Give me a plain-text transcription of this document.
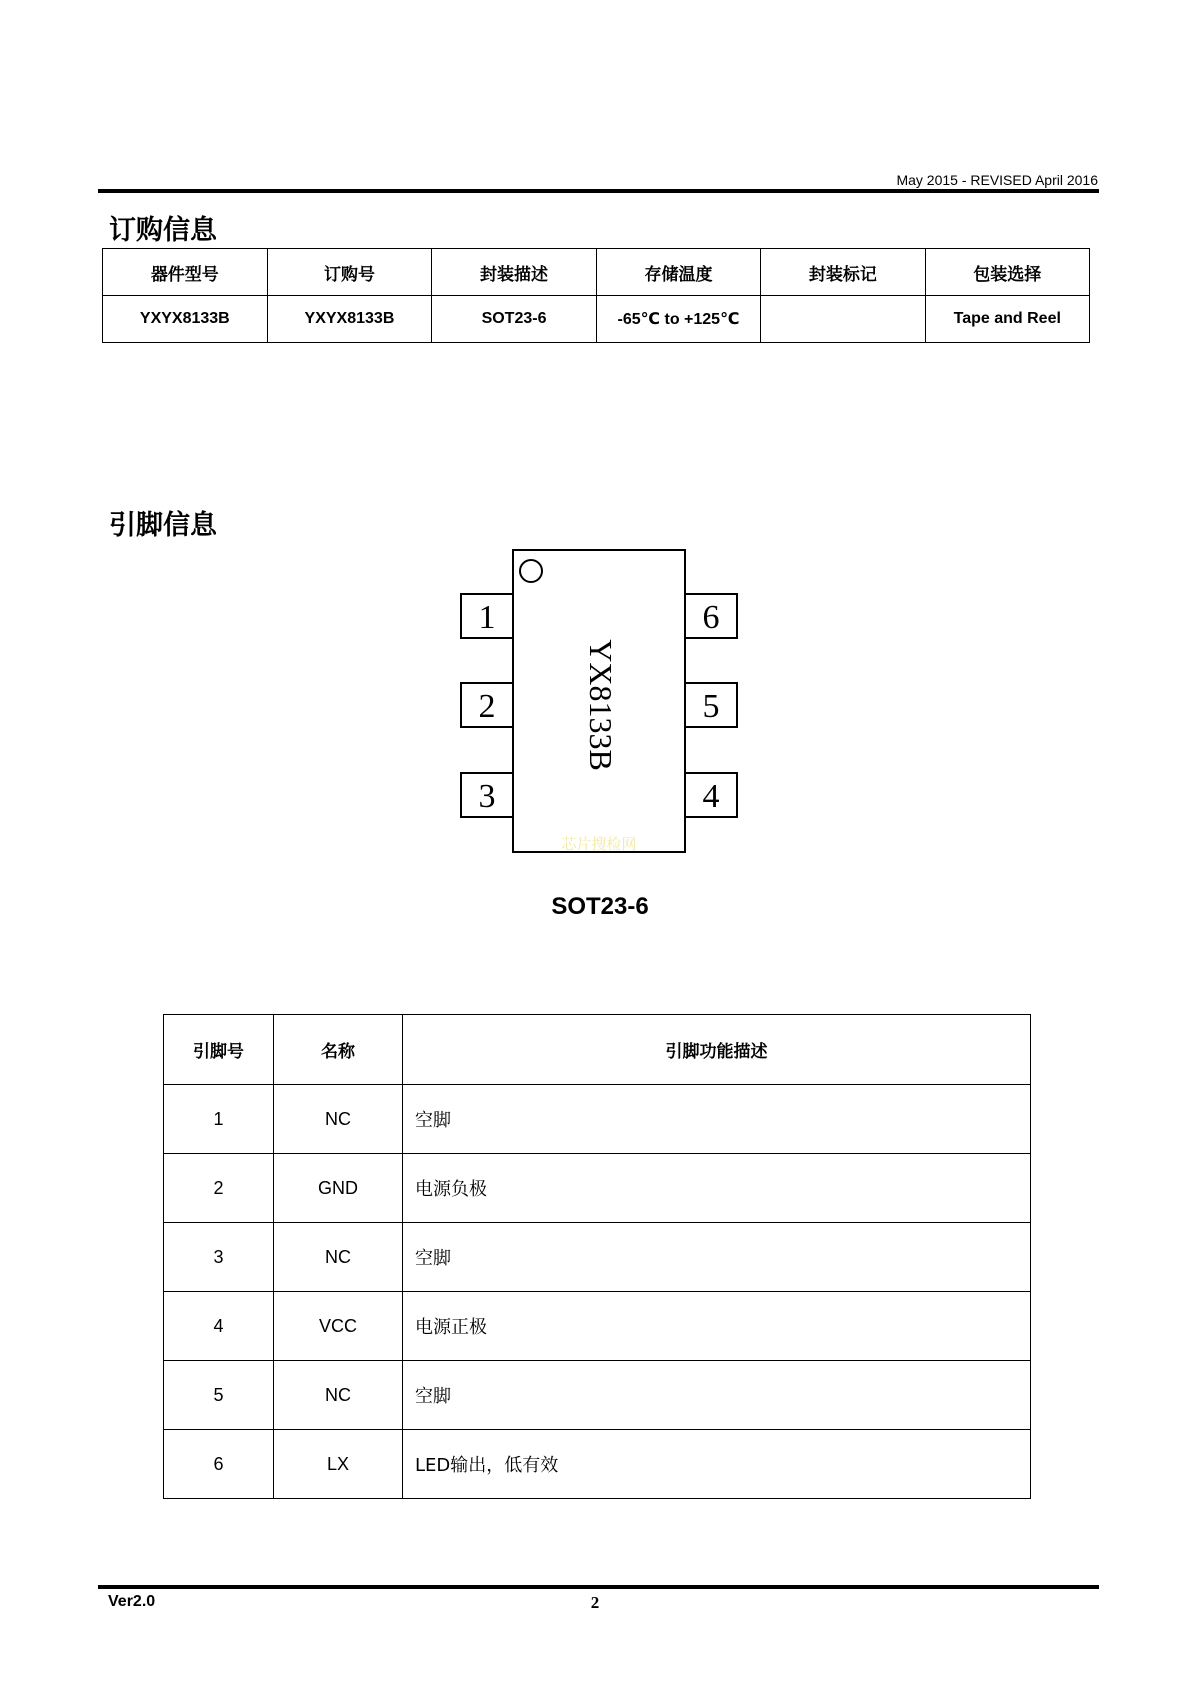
May 2015 - REVISED April 2016
订购信息
器件型号	订购号	封装描述	存储温度	封装标记	包装选择
YXYX8133B	YXYX8133B	SOT23-6	-65℃ to +125℃		Tape and Reel
引脚信息
1
2
3
6
5
4
YX8133B
芯片搜检网
SOT23-6
引脚号	名称	引脚功能描述
1	NC	空脚
2	GND	电源负极
3	NC	空脚
4	VCC	电源正极
5	NC	空脚
6	LX	LED输出，低有效
Ver2.0	2
